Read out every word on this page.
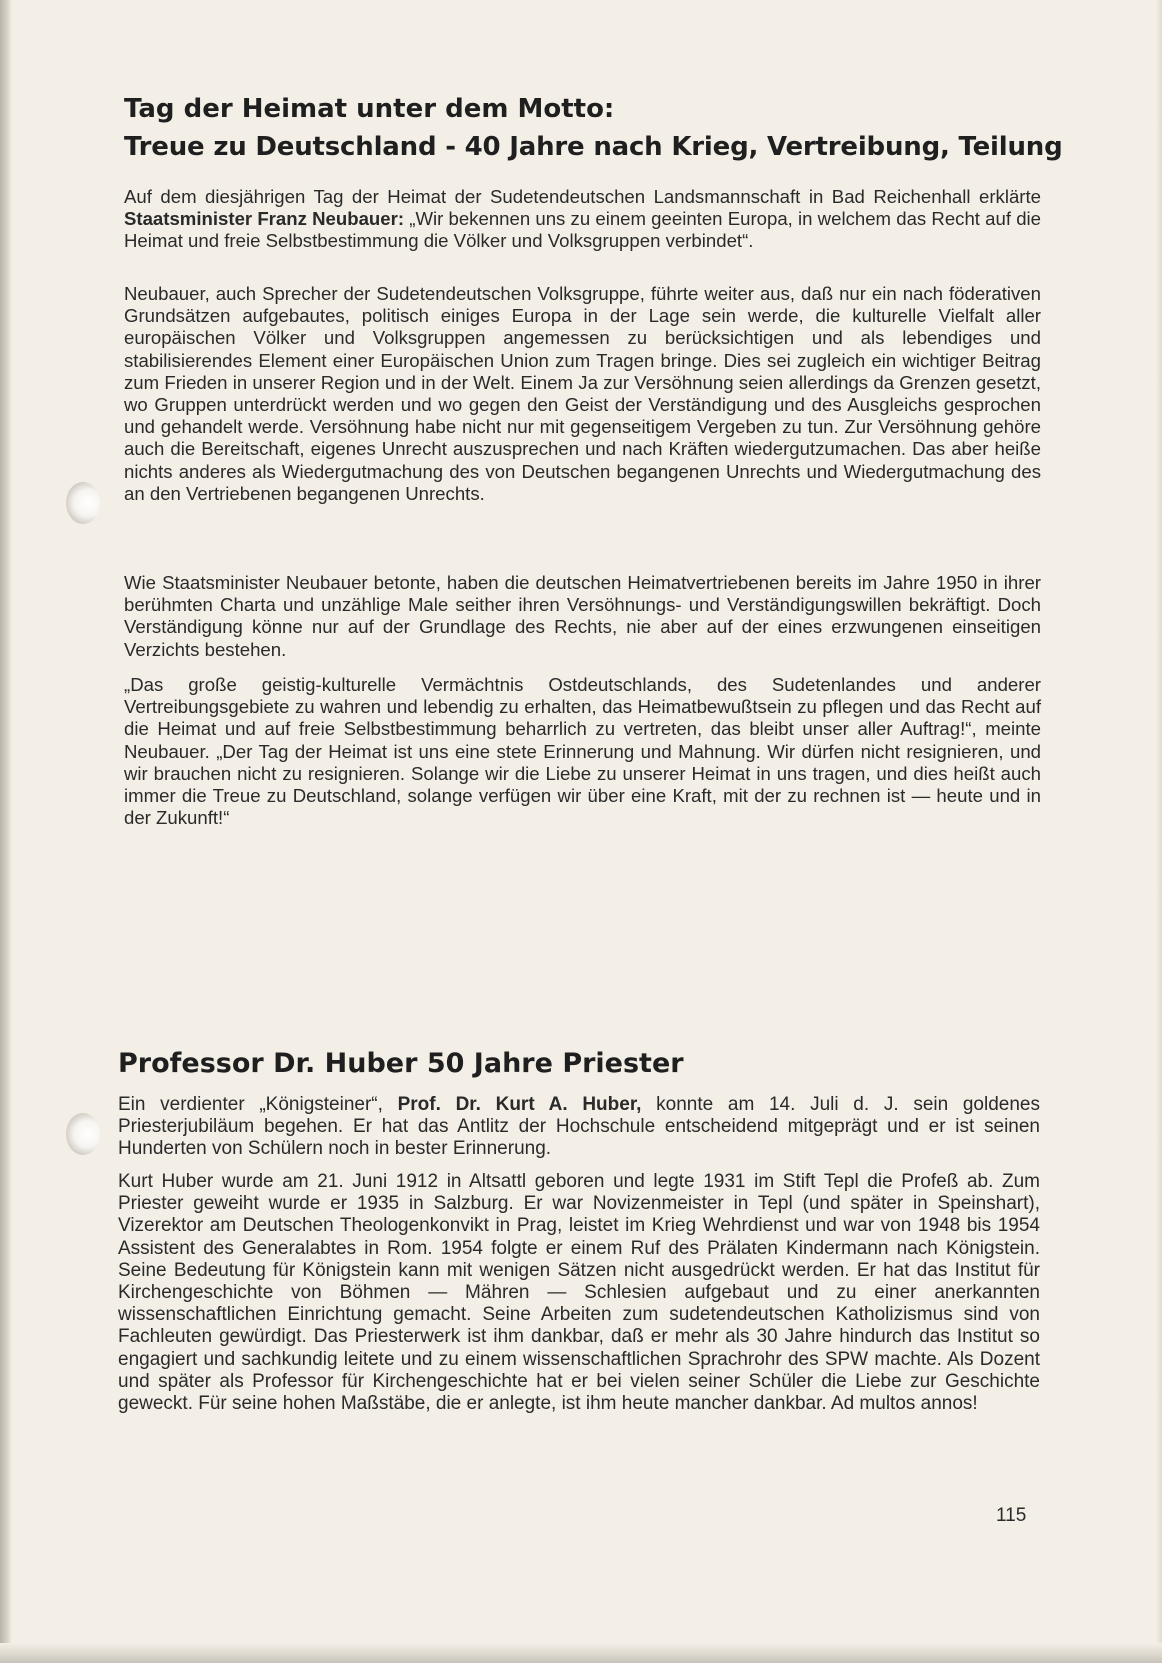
Tag der Heimat unter dem Motto:
Treue zu Deutschland - 40 Jahre nach Krieg, Vertreibung, Teilung

Auf dem diesjährigen Tag der Heimat der Sudetendeutschen Landsmannschaft in Bad Reichenhall erklärte Staatsminister Franz Neubauer: „Wir bekennen uns zu einem geeinten Europa, in welchem das Recht auf die Heimat und freie Selbstbestimmung die Völker und Volksgruppen verbindet“.

Neubauer, auch Sprecher der Sudetendeutschen Volksgruppe, führte weiter aus, daß nur ein nach föderativen Grundsätzen aufgebautes, politisch einiges Europa in der Lage sein werde, die kulturelle Vielfalt aller europäischen Völker und Volksgruppen angemessen zu berücksichtigen und als lebendiges und stabilisierendes Element einer Europäischen Union zum Tragen bringe. Dies sei zugleich ein wichtiger Beitrag zum Frieden in unserer Region und in der Welt. Einem Ja zur Versöhnung seien allerdings da Grenzen gesetzt, wo Gruppen unterdrückt werden und wo gegen den Geist der Verständigung und des Ausgleichs gesprochen und gehandelt werde. Versöhnung habe nicht nur mit gegenseitigem Vergeben zu tun. Zur Versöhnung gehöre auch die Bereitschaft, eigenes Unrecht auszusprechen und nach Kräften wiedergutzumachen. Das aber heiße nichts anderes als Wiedergutmachung des von Deutschen begangenen Unrechts und Wiedergutmachung des an den Vertriebenen begangenen Unrechts.

Wie Staatsminister Neubauer betonte, haben die deutschen Heimatvertriebenen bereits im Jahre 1950 in ihrer berühmten Charta und unzählige Male seither ihren Versöhnungs- und Verständigungswillen bekräftigt. Doch Verständigung könne nur auf der Grundlage des Rechts, nie aber auf der eines erzwungenen einseitigen Verzichts bestehen.

„Das große geistig-kulturelle Vermächtnis Ostdeutschlands, des Sudetenlandes und anderer Vertreibungsgebiete zu wahren und lebendig zu erhalten, das Heimatbewußtsein zu pflegen und das Recht auf die Heimat und auf freie Selbstbestimmung beharrlich zu vertreten, das bleibt unser aller Auftrag!“, meinte Neubauer. „Der Tag der Heimat ist uns eine stete Erinnerung und Mahnung. Wir dürfen nicht resignieren, und wir brauchen nicht zu resignieren. Solange wir die Liebe zu unserer Heimat in uns tragen, und dies heißt auch immer die Treue zu Deutschland, solange verfügen wir über eine Kraft, mit der zu rechnen ist — heute und in der Zukunft!“

Professor Dr. Huber 50 Jahre Priester

Ein verdienter „Königsteiner“, Prof. Dr. Kurt A. Huber, konnte am 14. Juli d. J. sein goldenes Priesterjubiläum begehen. Er hat das Antlitz der Hochschule entscheidend mitgeprägt und er ist seinen Hunderten von Schülern noch in bester Erinnerung.

Kurt Huber wurde am 21. Juni 1912 in Altsattl geboren und legte 1931 im Stift Tepl die Profeß ab. Zum Priester geweiht wurde er 1935 in Salzburg. Er war Novizenmeister in Tepl (und später in Speinshart), Vizerektor am Deutschen Theologenkonvikt in Prag, leistet im Krieg Wehrdienst und war von 1948 bis 1954 Assistent des Generalabtes in Rom. 1954 folgte er einem Ruf des Prälaten Kindermann nach Königstein. Seine Bedeutung für Königstein kann mit wenigen Sätzen nicht ausgedrückt werden. Er hat das Institut für Kirchengeschichte von Böhmen — Mähren — Schlesien aufgebaut und zu einer anerkannten wissenschaftlichen Einrichtung gemacht. Seine Arbeiten zum sudetendeutschen Katholizismus sind von Fachleuten gewürdigt. Das Priesterwerk ist ihm dankbar, daß er mehr als 30 Jahre hindurch das Institut so engagiert und sachkundig leitete und zu einem wissenschaftlichen Sprachrohr des SPW machte. Als Dozent und später als Professor für Kirchengeschichte hat er bei vielen seiner Schüler die Liebe zur Geschichte geweckt. Für seine hohen Maßstäbe, die er anlegte, ist ihm heute mancher dankbar. Ad multos annos!

115
